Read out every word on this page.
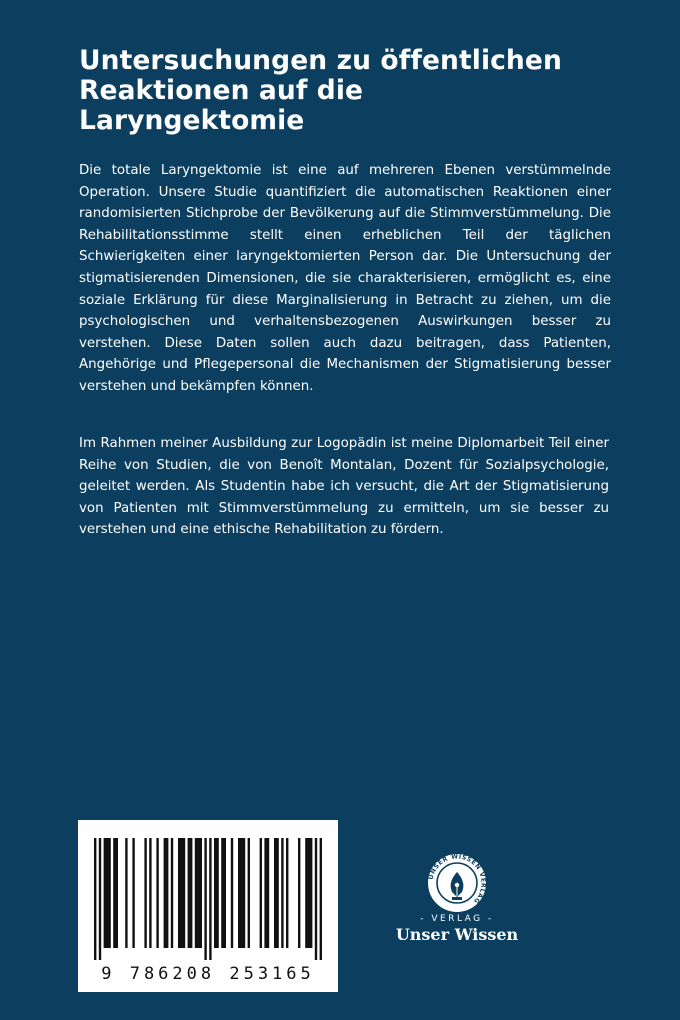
Untersuchungen zu öffentlichen
Reaktionen auf die
Laryngektomie

Die totale Laryngektomie ist eine auf mehreren Ebenen verstümmelnde Operation. Unsere Studie quantifiziert die automatischen Reaktionen einer randomisierten Stichprobe der Bevölkerung auf die Stimmverstümmelung. Die Rehabilitationsstimme stellt einen erheblichen Teil der täglichen Schwierigkeiten einer laryngektomierten Person dar. Die Untersuchung der stigmatisierenden Dimensionen, die sie charakterisieren, ermöglicht es, eine soziale Erklärung für diese Marginalisierung in Betracht zu ziehen, um die psychologischen und verhaltensbezogenen Auswirkungen besser zu verstehen. Diese Daten sollen auch dazu beitragen, dass Patienten, Angehörige und Pflegepersonal die Mechanismen der Stigmatisierung besser verstehen und bekämpfen können.

Im Rahmen meiner Ausbildung zur Logopädin ist meine Diplomarbeit Teil einer Reihe von Studien, die von Benoît Montalan, Dozent für Sozialpsychologie, geleitet werden. Als Studentin habe ich versucht, die Art der Stigmatisierung von Patienten mit Stimmverstümmelung zu ermitteln, um sie besser zu verstehen und eine ethische Rehabilitation zu fördern.

9 786208 253165
UNSER WISSEN VERLAG
- VERLAG -
Unser Wissen
